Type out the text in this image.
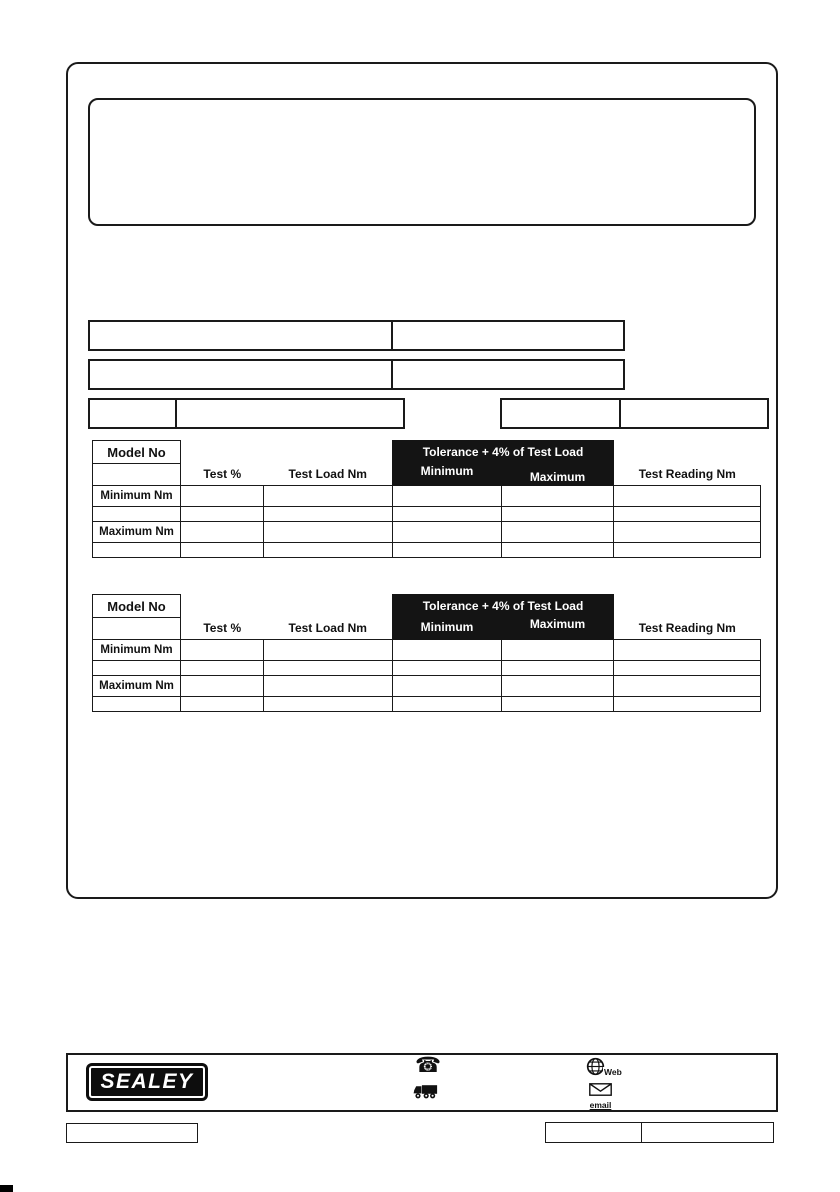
Model No			Tolerance + 4% of Test Load		
	Test %	Test Load Nm	Minimum	Maximum	Test Reading Nm
Minimum Nm					

Maximum Nm					

Model No			Tolerance + 4% of Test Load		
	Test %	Test Load Nm	Minimum	Maximum	Test Reading Nm
Minimum Nm					

Maximum Nm					

SEALEY
☎	Web
email
